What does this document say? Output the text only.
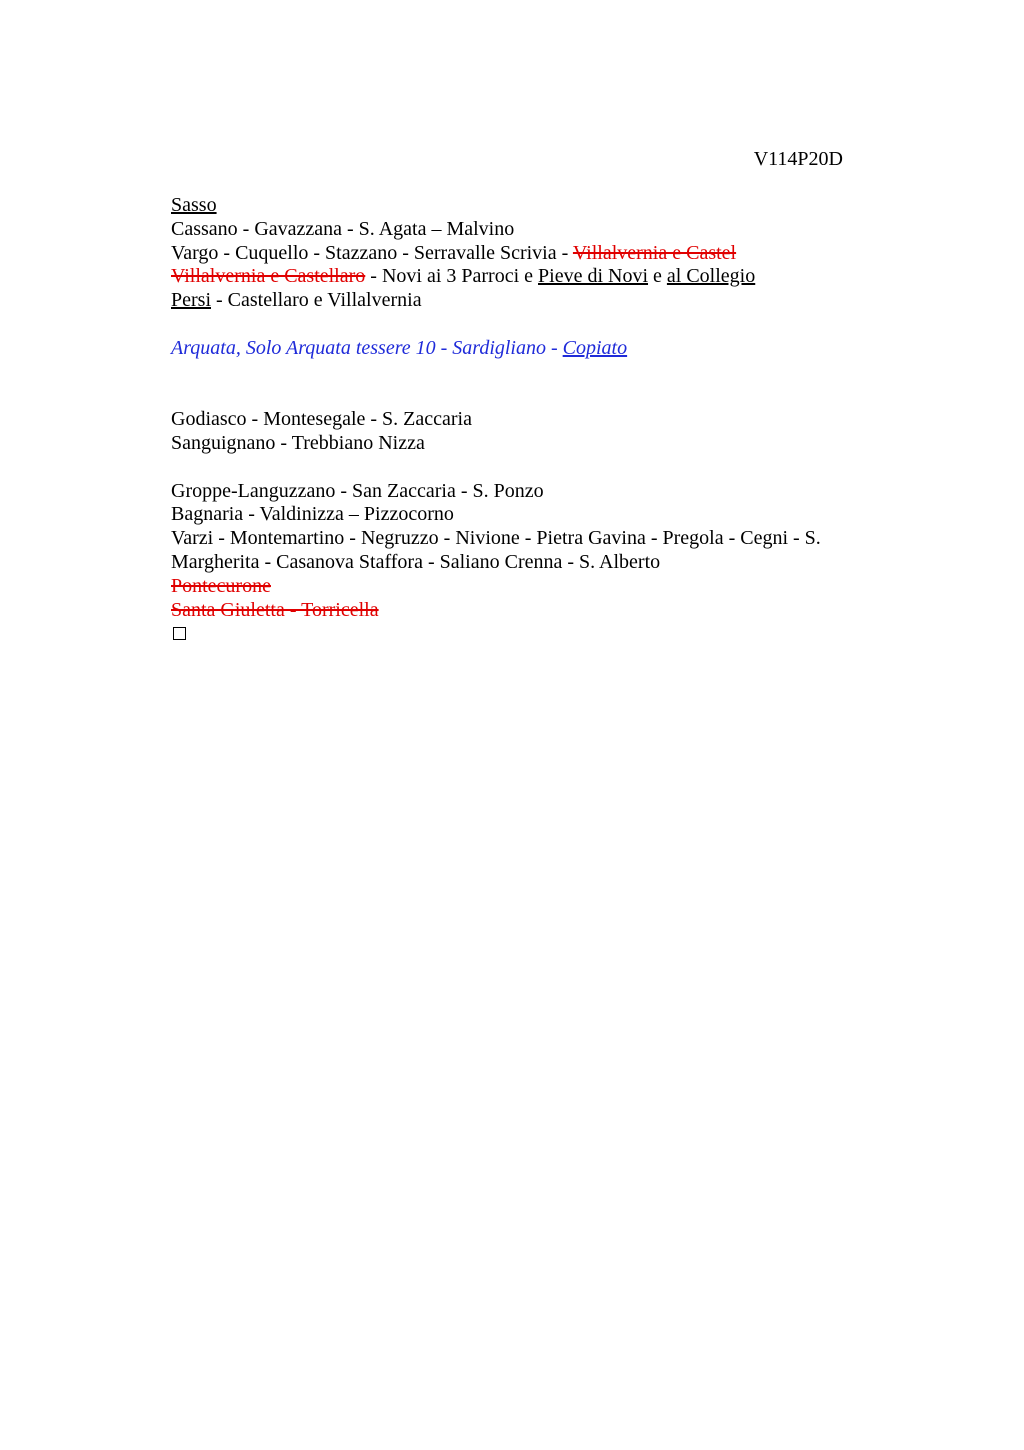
V114P20D
Sasso
Cassano - Gavazzana - S. Agata – Malvino
Vargo - Cuquello - Stazzano - Serravalle Scrivia - Villalvernia e Castel
Villalvernia e Castellaro - Novi ai 3 Parroci e Pieve di Novi e al Collegio
Persi - Castellaro e Villalvernia
Arquata, Solo Arquata tessere 10 - Sardigliano - Copiato
Godiasco - Montesegale - S. Zaccaria
Sanguignano - Trebbiano Nizza
Groppe-Languzzano - San Zaccaria - S. Ponzo
Bagnaria - Valdinizza – Pizzocorno
Varzi - Montemartino - Negruzzo - Nivione - Pietra Gavina - Pregola - Cegni - S.
Margherita - Casanova Staffora - Saliano Crenna - S. Alberto
Pontecurone
Santa Giuletta - Torricella
